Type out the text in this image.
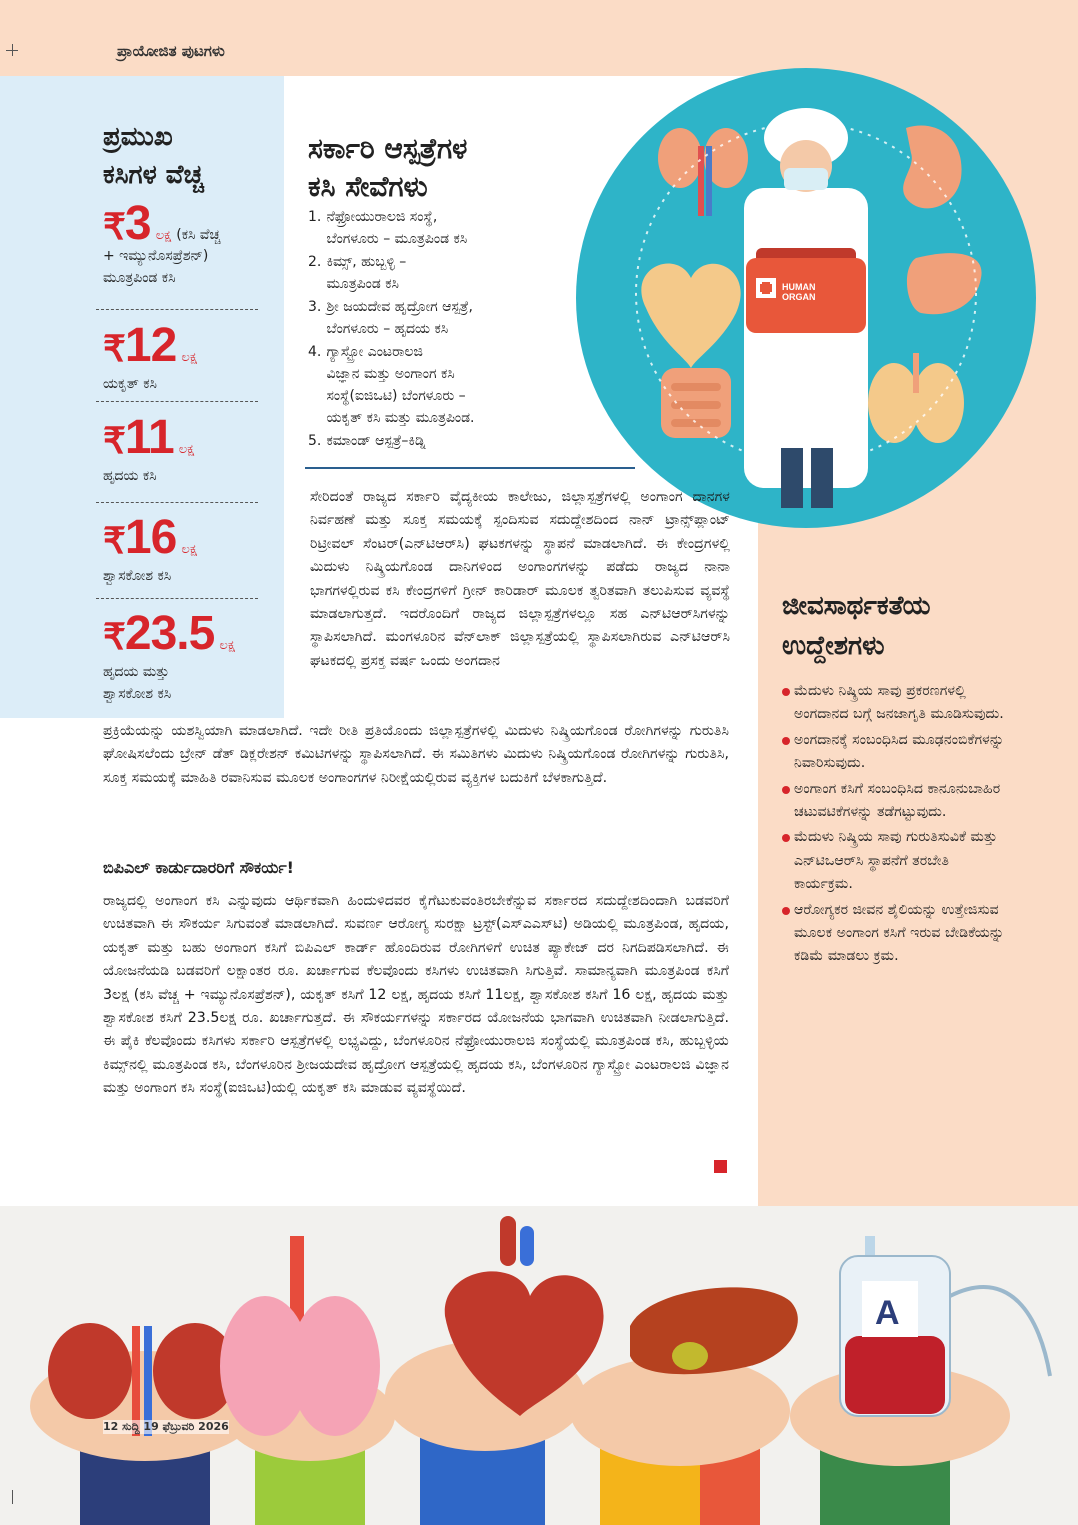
ಪ್ರಾಯೋಜಿತ ಪುಟಗಳು
ಪ್ರಮುಖ
ಕಸಿಗಳ ವೆಚ್ಚ
₹3 ಲಕ್ಷ (ಕಸಿ ವೆಚ್ಚ
+ ಇಮ್ಯುನೊಸಪ್ರೆಶನ್)
ಮೂತ್ರಪಿಂಡ ಕಸಿ
₹12 ಲಕ್ಷ
ಯಕೃತ್ ಕಸಿ
₹11 ಲಕ್ಷ
ಹೃದಯ ಕಸಿ
₹16 ಲಕ್ಷ
ಶ್ವಾಸಕೋಶ ಕಸಿ
₹23.5 ಲಕ್ಷ
ಹೃದಯ ಮತ್ತು
ಶ್ವಾಸಕೋಶ ಕಸಿ
ಸರ್ಕಾರಿ ಆಸ್ಪತ್ರೆಗಳ
ಕಸಿ ಸೇವೆಗಳು
1. ನೆಫ್ರೋಯುರಾಲಜಿ ಸಂಸ್ಥೆ,
ಬೆಂಗಳೂರು – ಮೂತ್ರಪಿಂಡ ಕಸಿ
2. ಕಿಮ್ಸ್, ಹುಬ್ಬಳ್ಳಿ –
ಮೂತ್ರಪಿಂಡ ಕಸಿ
3. ಶ್ರೀ ಜಯದೇವ ಹೃದ್ರೋಗ ಆಸ್ಪತ್ರೆ,
ಬೆಂಗಳೂರು – ಹೃದಯ ಕಸಿ
4. ಗ್ಯಾಸ್ಟ್ರೋ ಎಂಟರಾಲಜಿ
ವಿಜ್ಞಾನ ಮತ್ತು ಅಂಗಾಂಗ ಕಸಿ
ಸಂಸ್ಥೆ(ಐಜಿಒಟಿ) ಬೆಂಗಳೂರು –
ಯಕೃತ್ ಕಸಿ ಮತ್ತು ಮೂತ್ರಪಿಂಡ.
5. ಕಮಾಂಡ್ ಆಸ್ಪತ್ರೆ–ಕಿಡ್ನಿ
HUMAN
ORGAN
ಸೇರಿದಂತೆ ರಾಜ್ಯದ ಸರ್ಕಾರಿ ವೈದ್ಯಕೀಯ ಕಾಲೇಜು, ಜಿಲ್ಲಾಸ್ಪತ್ರೆಗಳಲ್ಲಿ ಅಂಗಾಂಗ ದಾನಗಳ ನಿರ್ವಹಣೆ ಮತ್ತು ಸೂಕ್ತ ಸಮಯಕ್ಕೆ ಸ್ಪಂದಿಸುವ ಸದುದ್ದೇಶದಿಂದ ನಾನ್ ಟ್ರಾನ್ಸ್‌ಪ್ಲಾಂಟ್ ರಿಟ್ರೀವಲ್ ಸೆಂಟರ್(ಎನ್‌ಟಿಆರ್‌ಸಿ) ಘಟಕಗಳನ್ನು ಸ್ಥಾಪನೆ ಮಾಡಲಾಗಿದೆ. ಈ ಕೇಂದ್ರಗಳಲ್ಲಿ ಮಿದುಳು ನಿಷ್ಕ್ರಿಯಗೊಂಡ ದಾನಿಗಳಿಂದ ಅಂಗಾಂಗಗಳನ್ನು ಪಡೆದು ರಾಜ್ಯದ ನಾನಾ ಭಾಗಗಳಲ್ಲಿರುವ ಕಸಿ ಕೇಂದ್ರಗಳಿಗೆ ಗ್ರೀನ್ ಕಾರಿಡಾರ್ ಮೂಲಕ ತ್ವರಿತವಾಗಿ ತಲುಪಿಸುವ ವ್ಯವಸ್ಥೆ ಮಾಡಲಾಗುತ್ತದೆ. ಇದರೊಂದಿಗೆ ರಾಜ್ಯದ ಜಿಲ್ಲಾಸ್ಪತ್ರೆಗಳಲ್ಲೂ ಸಹ ಎನ್‌ಟಿಆರ್‌ಸಿಗಳನ್ನು ಸ್ಥಾಪಿಸಲಾಗಿದೆ. ಮಂಗಳೂರಿನ ವೆನ್‌ಲಾಕ್ ಜಿಲ್ಲಾಸ್ಪತ್ರೆಯಲ್ಲಿ ಸ್ಥಾಪಿಸಲಾಗಿರುವ ಎನ್‌ಟಿಆರ್‌ಸಿ ಘಟಕದಲ್ಲಿ ಪ್ರಸಕ್ತ ವರ್ಷ ಒಂದು ಅಂಗದಾನ
ಪ್ರಕ್ರಿಯೆಯನ್ನು ಯಶಸ್ವಿಯಾಗಿ ಮಾಡಲಾಗಿದೆ. ಇದೇ ರೀತಿ ಪ್ರತಿಯೊಂದು ಜಿಲ್ಲಾಸ್ಪತ್ರೆಗಳಲ್ಲಿ ಮಿದುಳು ನಿಷ್ಕ್ರಿಯಗೊಂಡ ರೋಗಿಗಳನ್ನು ಗುರುತಿಸಿ ಘೋಷಿಸಲೆಂದು ಬ್ರೇನ್ ಡೆತ್ ಡಿಕ್ಲರೇಶನ್ ಕಮಿಟಿಗಳನ್ನು ಸ್ಥಾಪಿಸಲಾಗಿದೆ. ಈ ಸಮಿತಿಗಳು ಮಿದುಳು ನಿಷ್ಕ್ರಿಯಗೊಂಡ ರೋಗಿಗಳನ್ನು ಗುರುತಿಸಿ, ಸೂಕ್ತ ಸಮಯಕ್ಕೆ ಮಾಹಿತಿ ರವಾನಿಸುವ ಮೂಲಕ ಅಂಗಾಂಗಗಳ ನಿರೀಕ್ಷೆಯಲ್ಲಿರುವ ವ್ಯಕ್ತಿಗಳ ಬದುಕಿಗೆ ಬೆಳಕಾಗುತ್ತಿದೆ.
ಬಿಪಿಎಲ್ ಕಾರ್ಡುದಾರರಿಗೆ ಸೌಕರ್ಯ!
ರಾಜ್ಯದಲ್ಲಿ ಅಂಗಾಂಗ ಕಸಿ ಎನ್ನುವುದು ಆರ್ಥಿಕವಾಗಿ ಹಿಂದುಳಿದವರ ಕೈಗೆಟುಕುವಂತಿರಬೇಕೆನ್ನುವ ಸರ್ಕಾರದ ಸದುದ್ದೇಶದಿಂದಾಗಿ ಬಡವರಿಗೆ ಉಚಿತವಾಗಿ ಈ ಸೌಕರ್ಯ ಸಿಗುವಂತೆ ಮಾಡಲಾಗಿದೆ. ಸುವರ್ಣ ಆರೋಗ್ಯ ಸುರಕ್ಷಾ ಟ್ರಸ್ಟ್(ಎಸ್ಎಎಸ್‌ಟಿ) ಅಡಿಯಲ್ಲಿ ಮೂತ್ರಪಿಂಡ, ಹೃದಯ, ಯಕೃತ್ ಮತ್ತು ಬಹು ಅಂಗಾಂಗ ಕಸಿಗೆ ಬಿಪಿಎಲ್ ಕಾರ್ಡ್ ಹೊಂದಿರುವ ರೋಗಿಗಳಿಗೆ ಉಚಿತ ಪ್ಯಾಕೇಜ್ ದರ ನಿಗದಿಪಡಿಸಲಾಗಿದೆ. ಈ ಯೋಜನೆಯಡಿ ಬಡವರಿಗೆ ಲಕ್ಷಾಂತರ ರೂ. ಖರ್ಚಾಗುವ ಕೆಲವೊಂದು ಕಸಿಗಳು ಉಚಿತವಾಗಿ ಸಿಗುತ್ತಿವೆ. ಸಾಮಾನ್ಯವಾಗಿ ಮೂತ್ರಪಿಂಡ ಕಸಿಗೆ 3ಲಕ್ಷ (ಕಸಿ ವೆಚ್ಚ + ಇಮ್ಯುನೊಸಪ್ರೆಶನ್), ಯಕೃತ್ ಕಸಿಗೆ 12 ಲಕ್ಷ, ಹೃದಯ ಕಸಿಗೆ 11ಲಕ್ಷ, ಶ್ವಾಸಕೋಶ ಕಸಿಗೆ 16 ಲಕ್ಷ, ಹೃದಯ ಮತ್ತು ಶ್ವಾಸಕೋಶ ಕಸಿಗೆ 23.5ಲಕ್ಷ ರೂ. ಖರ್ಚಾಗುತ್ತದೆ. ಈ ಸೌಕರ್ಯಗಳನ್ನು ಸರ್ಕಾರದ ಯೋಜನೆಯ ಭಾಗವಾಗಿ ಉಚಿತವಾಗಿ ನೀಡಲಾಗುತ್ತಿದೆ. ಈ ಪೈಕಿ ಕೆಲವೊಂದು ಕಸಿಗಳು ಸರ್ಕಾರಿ ಆಸ್ಪತ್ರೆಗಳಲ್ಲಿ ಲಭ್ಯವಿದ್ದು, ಬೆಂಗಳೂರಿನ ನೆಫ್ರೋಯುರಾಲಜಿ ಸಂಸ್ಥೆಯಲ್ಲಿ ಮೂತ್ರಪಿಂಡ ಕಸಿ, ಹುಬ್ಬಳ್ಳಿಯ ಕಿಮ್ಸ್‌ನಲ್ಲಿ ಮೂತ್ರಪಿಂಡ ಕಸಿ, ಬೆಂಗಳೂರಿನ ಶ್ರೀಜಯದೇವ ಹೃದ್ರೋಗ ಆಸ್ಪತ್ರೆಯಲ್ಲಿ ಹೃದಯ ಕಸಿ, ಬೆಂಗಳೂರಿನ ಗ್ಯಾಸ್ಟ್ರೋ ಎಂಟರಾಲಜಿ ವಿಜ್ಞಾನ ಮತ್ತು ಅಂಗಾಂಗ ಕಸಿ ಸಂಸ್ಥೆ(ಐಜಿಒಟಿ)ಯಲ್ಲಿ ಯಕೃತ್ ಕಸಿ ಮಾಡುವ ವ್ಯವಸ್ಥೆಯಿದೆ.
ಜೀವಸಾರ್ಥಕತೆಯ
ಉದ್ದೇಶಗಳು
ಮೆದುಳು ನಿಷ್ಕ್ರಿಯ ಸಾವು ಪ್ರಕರಣಗಳಲ್ಲಿ ಅಂಗದಾನದ ಬಗ್ಗೆ ಜನಜಾಗೃತಿ ಮೂಡಿಸುವುದು.
ಅಂಗದಾನಕ್ಕೆ ಸಂಬಂಧಿಸಿದ ಮೂಢನಂಬಿಕೆಗಳನ್ನು ನಿವಾರಿಸುವುದು.
ಅಂಗಾಂಗ ಕಸಿಗೆ ಸಂಬಂಧಿಸಿದ ಕಾನೂನುಬಾಹಿರ ಚಟುವಟಿಕೆಗಳನ್ನು ತಡೆಗಟ್ಟುವುದು.
ಮೆದುಳು ನಿಷ್ಕ್ರಿಯ ಸಾವು ಗುರುತಿಸುವಿಕೆ ಮತ್ತು ಎನ್‌ಟಿಒಆರ್‌ಸಿ ಸ್ಥಾಪನೆಗೆ ತರಬೇತಿ ಕಾರ್ಯಕ್ರಮ.
ಆರೋಗ್ಯಕರ ಜೀವನ ಶೈಲಿಯನ್ನು ಉತ್ತೇಜಿಸುವ ಮೂಲಕ ಅಂಗಾಂಗ ಕಸಿಗೆ ಇರುವ ಬೇಡಿಕೆಯನ್ನು ಕಡಿಮೆ ಮಾಡಲು ಕ್ರಮ.
A
12 ಸುದ್ದಿ 19 ಫೆಬ್ರುವರಿ 2026
